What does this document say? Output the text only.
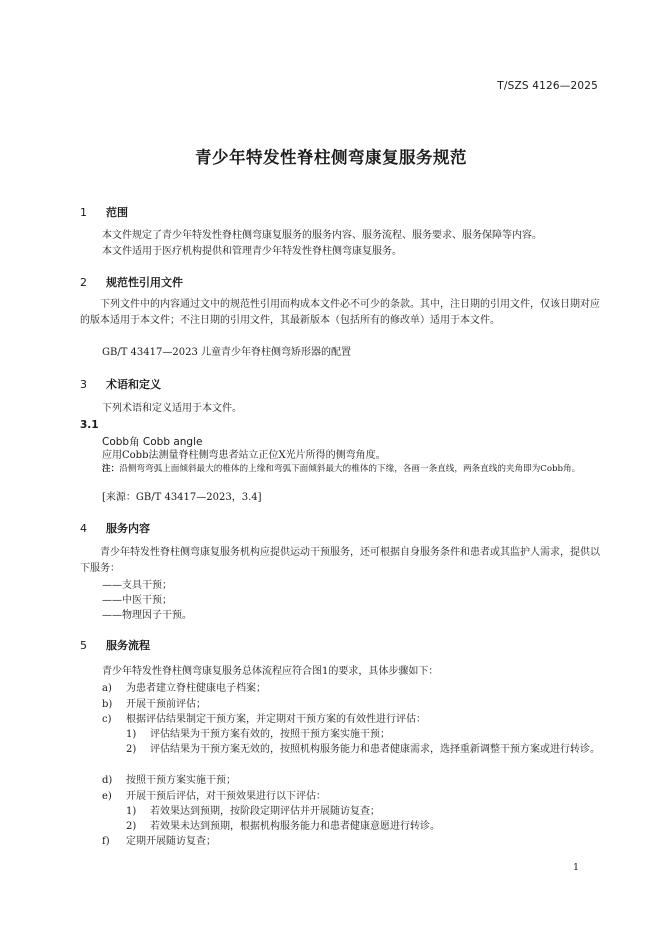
T/SZS 4126—2025
青少年特发性脊柱侧弯康复服务规范
1 范围
本文件规定了青少年特发性脊柱侧弯康复服务的服务内容、服务流程、服务要求、服务保障等内容。
本文件适用于医疗机构提供和管理青少年特发性脊柱侧弯康复服务。
2 规范性引用文件
下列文件中的内容通过文中的规范性引用而构成本文件必不可少的条款。其中，注日期的引用文件，仅该日期对应的版本适用于本文件；不注日期的引用文件，其最新版本（包括所有的修改单）适用于本文件。
GB/T 43417—2023 儿童青少年脊柱侧弯矫形器的配置
3 术语和定义
下列术语和定义适用于本文件。
3.1
Cobb角 Cobb angle
应用Cobb法测量脊柱侧弯患者站立正位X光片所得的侧弯角度。
注： 沿侧弯弯弧上面倾斜最大的椎体的上缘和弯弧下面倾斜最大的椎体的下缘，各画一条直线，两条直线的夹角即为Cobb角。
[来源：GB/T 43417—2023，3.4]
4 服务内容
青少年特发性脊柱侧弯康复服务机构应提供运动干预服务，还可根据自身服务条件和患者或其监护人需求，提供以下服务：
——支具干预；
——中医干预；
——物理因子干预。
5 服务流程
青少年特发性脊柱侧弯康复服务总体流程应符合图1的要求，具体步骤如下：
a) 为患者建立脊柱健康电子档案；
b) 开展干预前评估；
c) 根据评估结果制定干预方案，并定期对干预方案的有效性进行评估：
1) 评估结果为干预方案有效的，按照干预方案实施干预；
2) 评估结果为干预方案无效的，按照机构服务能力和患者健康需求，选择重新调整干预方案或进行转诊。
d) 按照干预方案实施干预；
e) 开展干预后评估，对干预效果进行以下评估：
1) 若效果达到预期，按阶段定期评估并开展随访复查；
2) 若效果未达到预期，根据机构服务能力和患者健康意愿进行转诊。
f) 定期开展随访复查；
1
